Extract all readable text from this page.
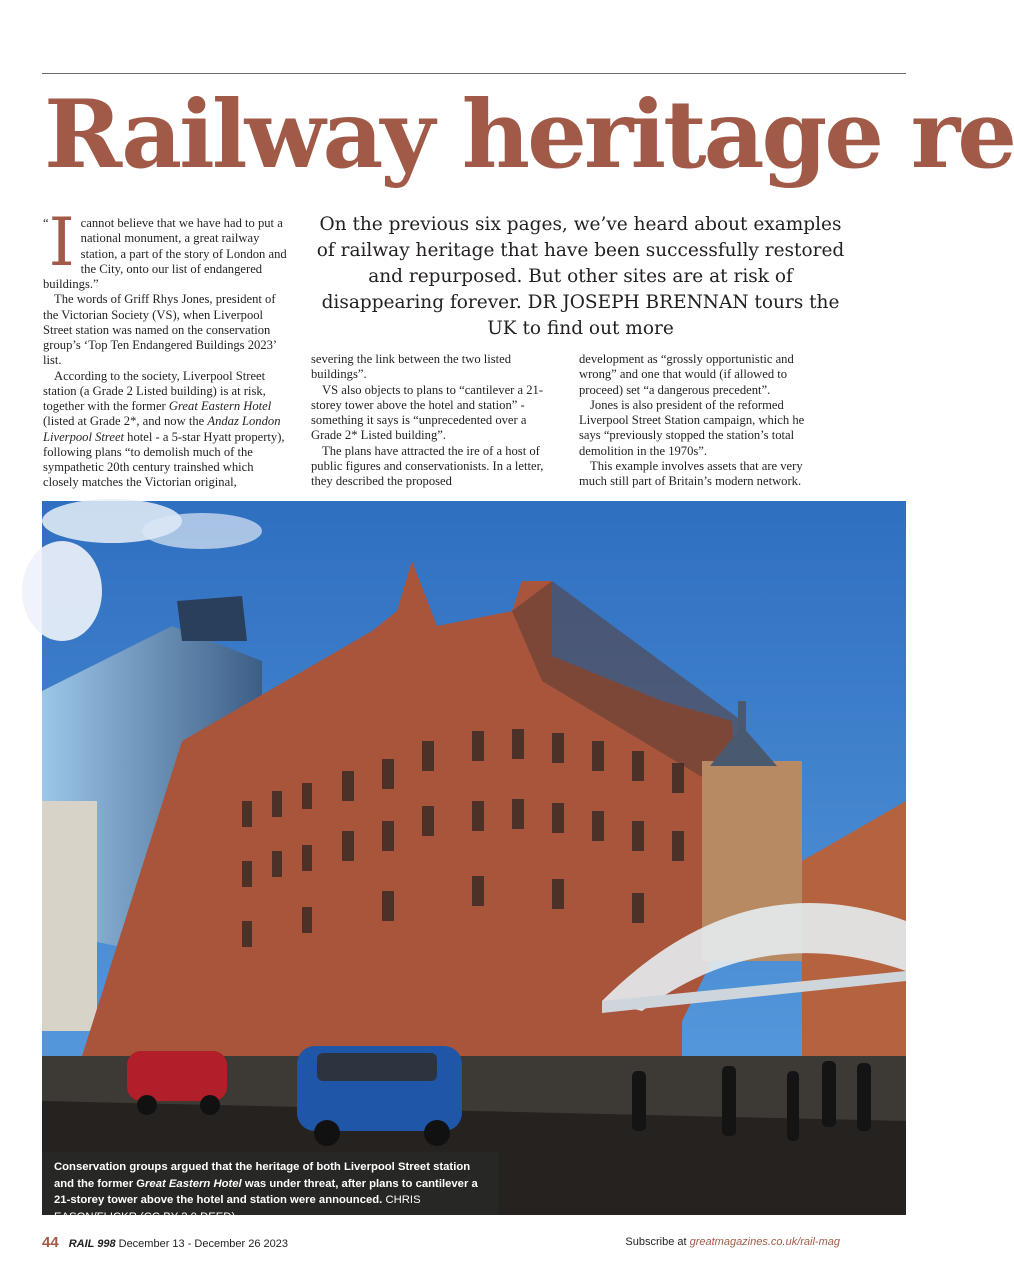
Railway heritage re
On the previous six pages, we’ve heard about examples of railway heritage that have been successfully restored and repurposed. But other sites are at risk of disappearing forever. DR JOSEPH BRENNAN tours the UK to find out more

“ I cannot believe that we have had to put a national monument, a great railway station, a part of the story of London and the City, onto our list of endangered buildings.”

The words of Griff Rhys Jones, president of the Victorian Society (VS), when Liverpool Street station was named on the conservation group’s ‘Top Ten Endangered Buildings 2023’ list.

According to the society, Liverpool Street station (a Grade 2 Listed building) is at risk, together with the former Great Eastern Hotel (listed at Grade 2*, and now the Andaz London Liverpool Street hotel - a 5-star Hyatt property), following plans “to demolish much of the sympathetic 20th century trainshed which closely matches the Victorian original,

severing the link between the two listed buildings”.

VS also objects to plans to “cantilever a 21-storey tower above the hotel and station” - something it says is “unprecedented over a Grade 2* Listed building”.

The plans have attracted the ire of a host of public figures and conservationists. In a letter, they described the proposed

development as “grossly opportunistic and wrong” and one that would (if allowed to proceed) set “a dangerous precedent”.

Jones is also president of the reformed Liverpool Street Station campaign, which he says “previously stopped the station’s total demolition in the 1970s”.

This example involves assets that are very much still part of Britain’s modern network.

Conservation groups argued that the heritage of both Liverpool Street station and the former Great Eastern Hotel was under threat, after plans to cantilever a 21-storey tower above the hotel and station were announced. CHRIS EASON/FLICKR (CC BY 2.0 DEED).
44 RAIL 998 December 13 - December 26 2023	Subscribe at greatmagazines.co.uk/rail-mag
